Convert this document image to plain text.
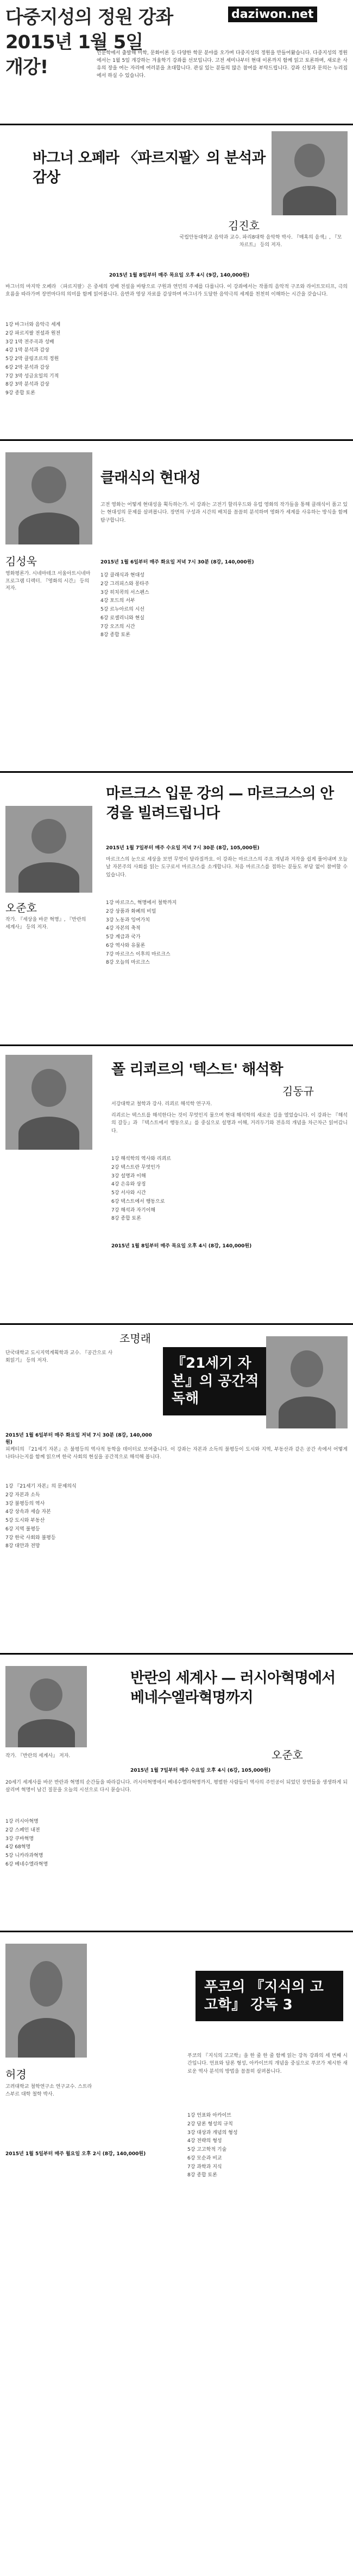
다중지성의 정원 강좌
2015년 1월 5일
개강!
daziwon.net
인문학에서 출발해 미학, 문화이론 등 다양한 학문 분야를 오가며 다중지성의 정원을 만들어왔습니다. 다중지성의 정원에서는 1월 5일 개강하는 겨울학기 강좌를 선보입니다. 고전 세미나부터 현대 이론까지 함께 읽고 토론하며, 새로운 사유의 장을 여는 자리에 여러분을 초대합니다. 관심 있는 분들의 많은 참여를 부탁드립니다. 강좌 신청과 문의는 누리집에서 하실 수 있습니다.
바그너 오페라 〈파르지팔〉의 분석과 감상
김진호
국립안동대학교 음악과 교수. 파리8대학 음악학 박사. 『매혹의 음색』, 『모차르트』 등의 저자.
2015년 1월 8일부터 매주 목요일 오후 4시 (9강, 140,000원)
바그너의 마지막 오페라 〈파르지팔〉은 중세의 성배 전설을 바탕으로 구원과 연민의 주제를 다룹니다. 이 강좌에서는 작품의 음악적 구조와 라이트모티프, 극의 흐름을 따라가며 장면마다의 의미를 함께 읽어봅니다. 음반과 영상 자료를 감상하며 바그너가 도달한 음악극의 세계를 천천히 이해하는 시간을 갖습니다.
1강 바그너와 음악극 세계
2강 파르지팔 전설과 원전
3강 1막 전주곡과 성배
4강 1막 분석과 감상
5강 2막 클링조르의 정원
6강 2막 분석과 감상
7강 3막 성금요일의 기적
8강 3막 분석과 감상
9강 종합 토론
클래식의 현대성
김성욱
영화평론가. 시네마테크 서울아트시네마 프로그램 디렉터. 『영화의 시간』 등의 저자.
고전 영화는 어떻게 현대성을 획득하는가. 이 강좌는 고전기 할리우드와 유럽 영화의 작가들을 통해 클래식이 품고 있는 현대성의 문제를 살펴봅니다. 장면의 구성과 시간의 배치를 꼼꼼히 분석하며 영화가 세계를 사유하는 방식을 함께 탐구합니다.
2015년 1월 6일부터 매주 화요일 저녁 7시 30분 (8강, 140,000원)
1강 클래식과 현대성
2강 그리피스와 몽타주
3강 히치콕의 서스펜스
4강 포드의 서부
5강 르누아르의 시선
6강 로셀리니와 현실
7강 오즈의 시간
8강 종합 토론
마르크스 입문 강의 — 마르크스의 안경을 빌려드립니다
오준호
작가. 『세상을 바꾼 혁명』, 『반란의 세계사』 등의 저자.
2015년 1월 7일부터 매주 수요일 저녁 7시 30분 (8강, 105,000원)
마르크스의 눈으로 세상을 보면 무엇이 달라질까요. 이 강좌는 마르크스의 주요 개념과 저작을 쉽게 풀어내며 오늘날 자본주의 사회를 읽는 도구로서 마르크스를 소개합니다. 처음 마르크스를 접하는 분들도 부담 없이 참여할 수 있습니다.
1강 마르크스, 혁명에서 철학까지
2강 상품과 화폐의 비밀
3강 노동과 잉여가치
4강 자본의 축적
5강 계급과 국가
6강 역사와 유물론
7강 마르크스 이후의 마르크스
8강 오늘의 마르크스
폴 리쾨르의 '텍스트' 해석학
김동규
서강대학교 철학과 강사. 리쾨르 해석학 연구자.
리쾨르는 텍스트를 해석한다는 것이 무엇인지 물으며 현대 해석학의 새로운 길을 열었습니다. 이 강좌는 『해석의 갈등』과 『텍스트에서 행동으로』를 중심으로 설명과 이해, 거리두기와 전유의 개념을 차근차근 읽어갑니다.
1강 해석학의 역사와 리쾨르
2강 텍스트란 무엇인가
3강 설명과 이해
4강 은유와 상징
5강 서사와 시간
6강 텍스트에서 행동으로
7강 해석과 자기이해
8강 종합 토론
2015년 1월 8일부터 매주 목요일 오후 4시 (8강, 140,000원)
조명래
단국대학교 도시지역계획학과 교수. 『공간으로 사회읽기』 등의 저자.	『21세기 자본』의 공간적 독해
2015년 1월 6일부터 매주 화요일 저녁 7시 30분 (8강, 140,000원)
피케티의 『21세기 자본』은 불평등의 역사적 동학을 데이터로 보여줍니다. 이 강좌는 자본과 소득의 불평등이 도시와 지역, 부동산과 같은 공간 속에서 어떻게 나타나는지를 함께 읽으며 한국 사회의 현실을 공간적으로 해석해 봅니다.
1강 『21세기 자본』의 문제의식
2강 자본과 소득
3강 불평등의 역사
4강 상속과 세습 자본
5강 도시와 부동산
6강 지역 불평등
7강 한국 사회와 불평등
8강 대안과 전망
반란의 세계사 — 러시아혁명에서 베네수엘라혁명까지
오준호
작가. 『반란의 세계사』 저자.
2015년 1월 7일부터 매주 수요일 오후 4시 (6강, 105,000원)
20세기 세계사를 바꾼 반란과 혁명의 순간들을 따라갑니다. 러시아혁명에서 베네수엘라혁명까지, 평범한 사람들이 역사의 주인공이 되었던 장면들을 생생하게 되살리며 혁명이 남긴 질문을 오늘의 시선으로 다시 묻습니다.
1강 러시아혁명
2강 스페인 내전
3강 쿠바혁명
4강 68혁명
5강 니카라과혁명
6강 베네수엘라혁명
푸코의 『지식의 고고학』 강독 3
허경
고려대학교 철학연구소 연구교수. 스트라스부르 대학 철학 박사.
푸코의 『지식의 고고학』을 한 줄 한 줄 함께 읽는 강독 강좌의 세 번째 시간입니다. 언표와 담론 형성, 아카이브의 개념을 중심으로 푸코가 제시한 새로운 역사 분석의 방법을 꼼꼼히 살펴봅니다.
1강 언표와 아카이브
2강 담론 형성의 규칙
3강 대상과 개념의 형성
4강 전략의 형성
5강 고고학적 기술
6강 모순과 비교
7강 과학과 지식
8강 종합 토론
2015년 1월 5일부터 매주 월요일 오후 2시 (8강, 140,000원)
